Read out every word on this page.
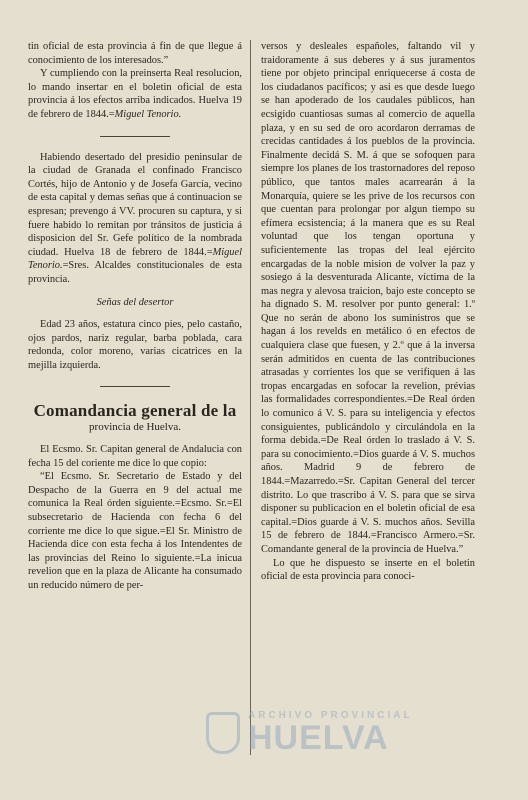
tin oficial de esta provincia á fin de que llegue á conocimiento de los interesados.”

Y cumpliendo con la preinserta Real resolucion, lo mando insertar en el boletin oficial de esta provincia á los efectos arriba indicados. Huelva 19 de febrero de 1844.=Miguel Tenorio.

Habiendo desertado del presidio peninsular de la ciudad de Granada el confinado Francisco Cortés, hijo de Antonio y de Josefa García, vecino de esta capital y demas señas que á continuacion se espresan; prevengo á VV. procuren su captura, y si fuere habido lo remitan por tránsitos de justicia á disposicion del Sr. Gefe político de la nombrada ciudad. Huelva 18 de febrero de 1844.=Miguel Tenorio.=Sres. Alcaldes constitucionales de esta provincia.

Señas del desertor

Edad 23 años, estatura cinco pies, pelo castaño, ojos pardos, nariz regular, barba poblada, cara redonda, color moreno, varias cicatrices en la mejilla izquierda.

Comandancia general de la

provincia de Huelva.

El Ecsmo. Sr. Capitan general de Andalucia con fecha 15 del coriente me dice lo que copio:

“El Ecsmo. Sr. Secretario de Estado y del Despacho de la Guerra en 9 del actual me comunica la Real órden siguiente.=Ecsmo. Sr.=El subsecretario de Hacienda con fecha 6 del corriente me dice lo que sigue.=El Sr. Ministro de Hacienda dice con esta fecha á los Intendentes de las provincias del Reino lo siguiente.=La inicua revelion que en la plaza de Alicante ha consumado un reducido número de per-

versos y desleales españoles, faltando vil y traidoramente á sus deberes y á sus juramentos tiene por objeto principal enriquecerse á costa de los ciudadanos pacíficos; y asi es que desde luego se han apoderado de los caudales públicos, han ecsigido cuantiosas sumas al comercio de aquella plaza, y en su sed de oro acordaron derramas de crecidas cantidades á los pueblos de la provincia. Finalmente decidá S. M. á que se sofoquen para siempre los planes de los trastornadores del reposo público, que tantos males acarrearán á la Monarquía, quiere se les prive de los recursos con que cuentan para prolongar por algun tiempo su efímera ecsistencia; á la manera que es su Real voluntad que los tengan oportuna y suficientemente las tropas del leal ejército encargadas de la noble mision de volver la paz y sosiego á la desventurada Alicante, víctima de la mas negra y alevosa traicion, bajo este concepto se ha dignado S. M. resolver por punto general: 1.º Que no serán de abono los suministros que se hagan á los revelds en metálico ó en efectos de cualquiera clase que fuesen, y 2.º que á la inversa serán admitidos en cuenta de las contribuciones atrasadas y corrientes los que se verifiquen á las tropas encargadas en sofocar la revelion, prévias las formalidades correspondientes.=De Real órden lo comunico á V. S. para su inteligencia y efectos consiguientes, publicándolo y circulándola en la forma debida.=De Real órden lo traslado á V. S. para su conocimiento.=Dios guarde á V. S. muchos años. Madrid 9 de febrero de 1844.=Mazarredo.=Sr. Capitan General del tercer distrito. Lo que trascribo á V. S. para que se sirva disponer su publicacion en el boletin oficial de esa capital.=Dios guarde á V. S. muchos años. Sevilla 15 de febrero de 1844.=Francisco Armero.=Sr. Comandante general de la provincia de Huelva.”

Lo que he dispuesto se inserte en el boletin oficial de esta provincia para conoci-

ARCHIVO PROVINCIAL
HUELVA
